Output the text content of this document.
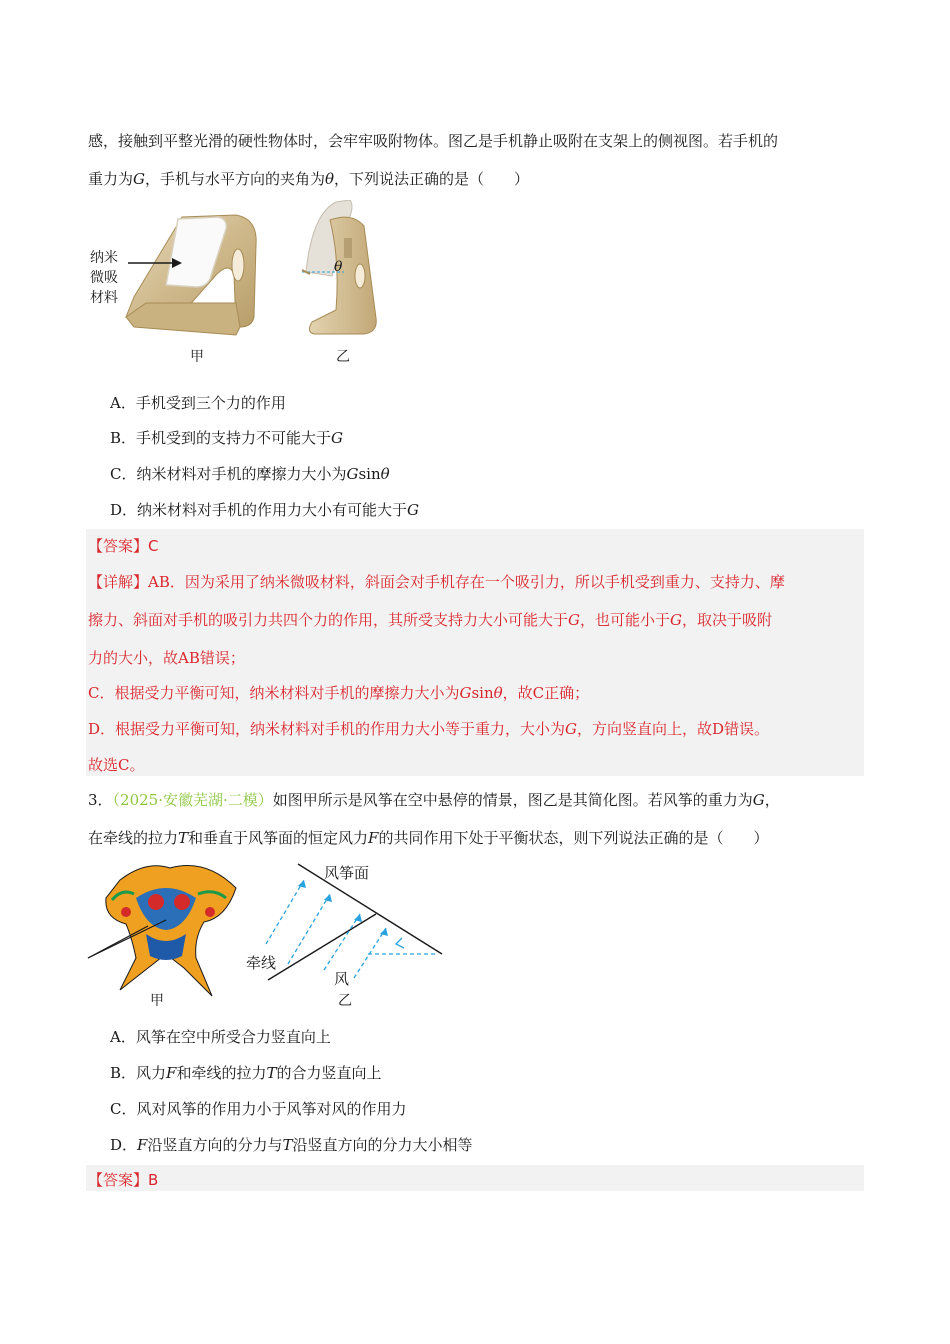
感，接触到平整光滑的硬性物体时，会牢牢吸附物体。图乙是手机静止吸附在支架上的侧视图。若手机的
重力为G，手机与水平方向的夹角为θ，下列说法正确的是（　　）
纳米
微吸
材料
甲
θ
乙
A．手机受到三个力的作用
B．手机受到的支持力不可能大于G
C．纳米材料对手机的摩擦力大小为Gsinθ
D．纳米材料对手机的作用力大小有可能大于G
【答案】C
【详解】AB．因为采用了纳米微吸材料，斜面会对手机存在一个吸引力，所以手机受到重力、支持力、摩
擦力、斜面对手机的吸引力共四个力的作用，其所受支持力大小可能大于G，也可能小于G，取决于吸附
力的大小，故AB错误；
C．根据受力平衡可知，纳米材料对手机的摩擦力大小为Gsinθ，故C正确；
D．根据受力平衡可知，纳米材料对手机的作用力大小等于重力，大小为G，方向竖直向上，故D错误。
故选C。
3．（2025·安徽芜湖·二模）如图甲所示是风筝在空中悬停的情景，图乙是其简化图。若风筝的重力为G，
在牵线的拉力T和垂直于风筝面的恒定风力F的共同作用下处于平衡状态，则下列说法正确的是（　　）
甲
风筝面
牵线
风
乙
A．风筝在空中所受合力竖直向上
B．风力F和牵线的拉力T的合力竖直向上
C．风对风筝的作用力小于风筝对风的作用力
D．F沿竖直方向的分力与T沿竖直方向的分力大小相等
【答案】B
